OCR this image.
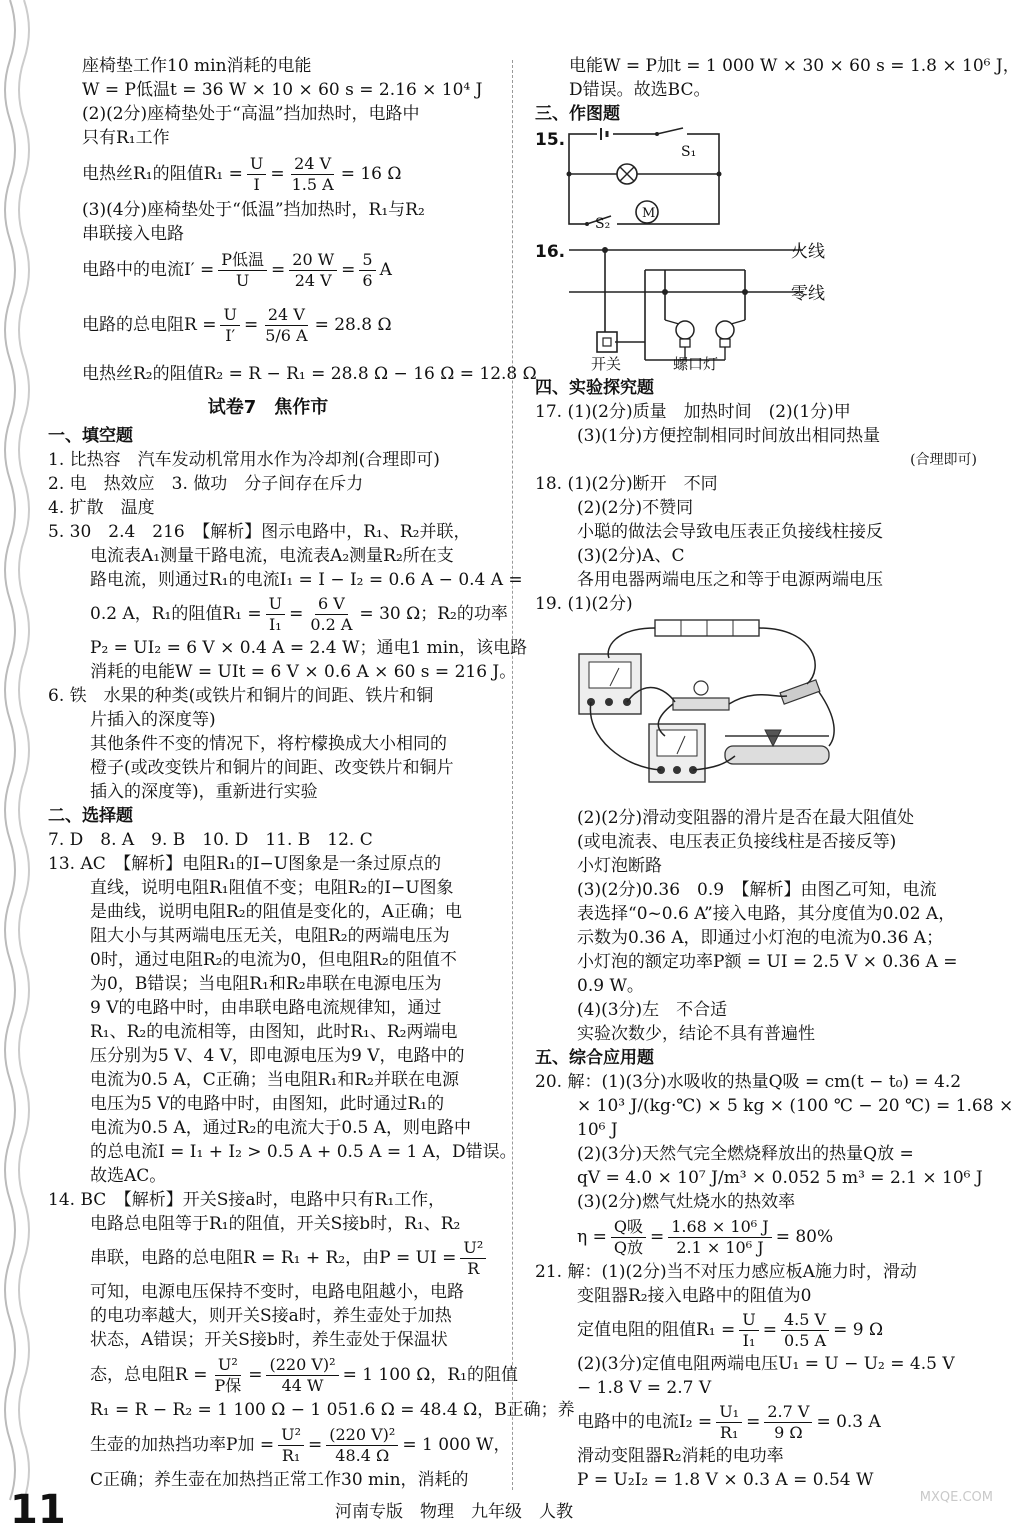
座椅垫工作10 min消耗的电能
W = P低温t = 36 W × 10 × 60 s = 2.16 × 10⁴ J
(2)(2分)座椅垫处于“高温”挡加热时，电路中
只有R₁工作
电热丝R₁的阻值$R_1 = \frac{U}{I} = \frac{24 V}{1.5 A} = 16$ Ω
(3)(4分)座椅垫处于“低温”挡加热时，R₁与R₂
串联接入电路
电路中的电流$I' = \frac{\text{P低温}}{U} = \frac{20 W}{24 V} = \frac{5}{6}$ A
电路的总电阻$R = \frac{U}{I'} = \frac{24 V}{5/6 A} = 28.8$ Ω
电热丝R₂的阻值R₂ = R − R₁ = 28.8 Ω − 16 Ω = 12.8 Ω
试卷7　焦作市
一、填空题
1. 比热容　汽车发动机常用水作为冷却剂(合理即可)
2. 电　热效应　3. 做功　分子间存在斥力
4. 扩散　温度
5. 30　2.4　216　【解析】图示电路中，R₁、R₂并联，
电流表A₁测量干路电流，电流表A₂测量R₂所在支
路电流，则通过R₁的电流I₁ = I − I₂ = 0.6 A − 0.4 A =
0.2 A，R₁的阻值$R_1 = \frac{U}{\text{I₁}} = \frac{6 V}{0.2 A} = 30$ Ω；R₂的功率
P₂ = UI₂ = 6 V × 0.4 A = 2.4 W；通电1 min，该电路
消耗的电能W = UIt = 6 V × 0.6 A × 60 s = 216 J。
6. 铁　水果的种类(或铁片和铜片的间距、铁片和铜
片插入的深度等)
其他条件不变的情况下，将柠檬换成大小相同的
橙子(或改变铁片和铜片的间距、改变铁片和铜片
插入的深度等)，重新进行实验
二、选择题
7. D　8. A　9. B　10. D　11. B　12. C
13. AC　【解析】电阻R₁的I−U图象是一条过原点的
直线，说明电阻R₁阻值不变；电阻R₂的I−U图象
是曲线，说明电阻R₂的阻值是变化的，A正确；电
阻大小与其两端电压无关，电阻R₂的两端电压为
0时，通过电阻R₂的电流为0，但电阻R₂的阻值不
为0，B错误；当电阻R₁和R₂串联在电源电压为
9 V的电路中时，由串联电路电流规律知，通过
R₁、R₂的电流相等，由图知，此时R₁、R₂两端电
压分别为5 V、4 V，即电源电压为9 V，电路中的
电流为0.5 A，C正确；当电阻R₁和R₂并联在电源
电压为5 V的电路中时，由图知，此时通过R₁的
电流为0.5 A，通过R₂的电流大于0.5 A，则电路中
的总电流I = I₁ + I₂ > 0.5 A + 0.5 A = 1 A，D错误。
故选AC。
14. BC　【解析】开关S接a时，电路中只有R₁工作，
电路总电阻等于R₁的阻值，开关S接b时，R₁、R₂
串联，电路的总电阻R = R₁ + R₂，由P = UI = $\frac{\text{U²}}{R}$
可知，电源电压保持不变时，电路电阻越小，电路
的电功率越大，则开关S接a时，养生壶处于加热
状态，A错误；开关S接b时，养生壶处于保温状
态，总电阻$R = \frac{\text{U²}}{\text{P保}} = \frac{\text{(220 V)²}}{44 W} = 1$ 100 Ω，R₁的阻值
R₁ = R − R₂ = 1 100 Ω − 1 051.6 Ω = 48.4 Ω，B正确；养
生壶的加热挡功率P加 = $\frac{\text{U²}}{\text{R₁}} = \frac{\text{(220 V)²}}{48.4 \Omega} = 1$ 000 W，
C正确；养生壶在加热挡正常工作30 min，消耗的
电能W = P加t = 1 000 W × 30 × 60 s = 1.8 × 10⁶ J，
D错误。故选BC。
三、作图题
15.
S₁
S₂
M
16.	火线
零线
开关	螺口灯
四、实验探究题
17. (1)(2分)质量　加热时间　(2)(1分)甲
(3)(1分)方便控制相同时间放出相同热量
(合理即可)
18. (1)(2分)断开　不同
(2)(2分)不赞同
小聪的做法会导致电压表正负接线柱接反
(3)(2分)A、C
各用电器两端电压之和等于电源两端电压
19. (1)(2分)
(2)(2分)滑动变阻器的滑片是否在最大阻值处
(或电流表、电压表正负接线柱是否接反等)
小灯泡断路
(3)(2分)0.36　0.9　【解析】由图乙可知，电流
表选择“0~0.6 A”接入电路，其分度值为0.02 A，
示数为0.36 A，即通过小灯泡的电流为0.36 A；
小灯泡的额定功率P额 = UI = 2.5 V × 0.36 A =
0.9 W。
(4)(3分)左　不合适
实验次数少，结论不具有普遍性
五、综合应用题
20. 解：(1)(3分)水吸收的热量Q吸 = cm(t − t₀) = 4.2
× 10³ J/(kg·℃) × 5 kg × (100 ℃ − 20 ℃) = 1.68 ×
10⁶ J
(2)(3分)天然气完全燃烧释放出的热量Q放 =
qV = 4.0 × 10⁷ J/m³ × 0.052 5 m³ = 2.1 × 10⁶ J
(3)(2分)燃气灶烧水的热效率
$\eta = \frac{\text{Q吸}}{\text{Q放}} = \frac{\text{1.68 × 10⁶ J}}{\text{2.1 × 10⁶ J}} = 80\%$
21. 解：(1)(2分)当不对压力感应板A施力时，滑动
变阻器R₂接入电路中的阻值为0
定值电阻的阻值$R_1 = \frac{U}{\text{I₁}} = \frac{4.5 V}{0.5 A} = 9$ Ω
(2)(3分)定值电阻两端电压U₁ = U − U₂ = 4.5 V
− 1.8 V = 2.7 V
电路中的电流$I_2 = \frac{\text{U₁}}{\text{R₁}} = \frac{2.7 V}{9 \Omega} = 0.3$ A
滑动变阻器R₂消耗的电功率
P = U₂I₂ = 1.8 V × 0.3 A = 0.54 W
11	河南专版　物理　九年级　人教
MXQE.COM
